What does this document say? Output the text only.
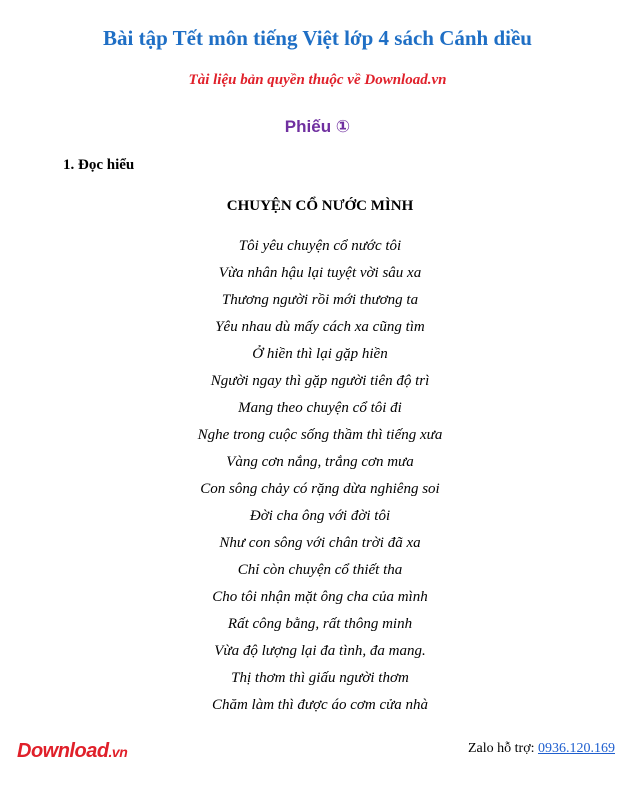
Bài tập Tết môn tiếng Việt lớp 4 sách Cánh diều
Tài liệu bản quyền thuộc về Download.vn
Phiếu ①
1. Đọc hiểu
CHUYỆN CỔ NƯỚC MÌNH
Tôi yêu chuyện cổ nước tôi
Vừa nhân hậu lại tuyệt vời sâu xa
Thương người rồi mới thương ta
Yêu nhau dù mấy cách xa cũng tìm
Ở hiền thì lại gặp hiền
Người ngay thì gặp người tiên độ trì
Mang theo chuyện cổ tôi đi
Nghe trong cuộc sống thầm thì tiếng xưa
Vàng cơn nắng, trắng cơn mưa
Con sông chảy có rặng dừa nghiêng soi
Đời cha ông với đời tôi
Như con sông với chân trời đã xa
Chỉ còn chuyện cổ thiết tha
Cho tôi nhận mặt ông cha của mình
Rất công bằng, rất thông minh
Vừa độ lượng lại đa tình, đa mang.
Thị thơm thì giấu người thơm
Chăm làm thì được áo cơm cửa nhà
Download.vn	Zalo hỗ trợ: 0936.120.169
